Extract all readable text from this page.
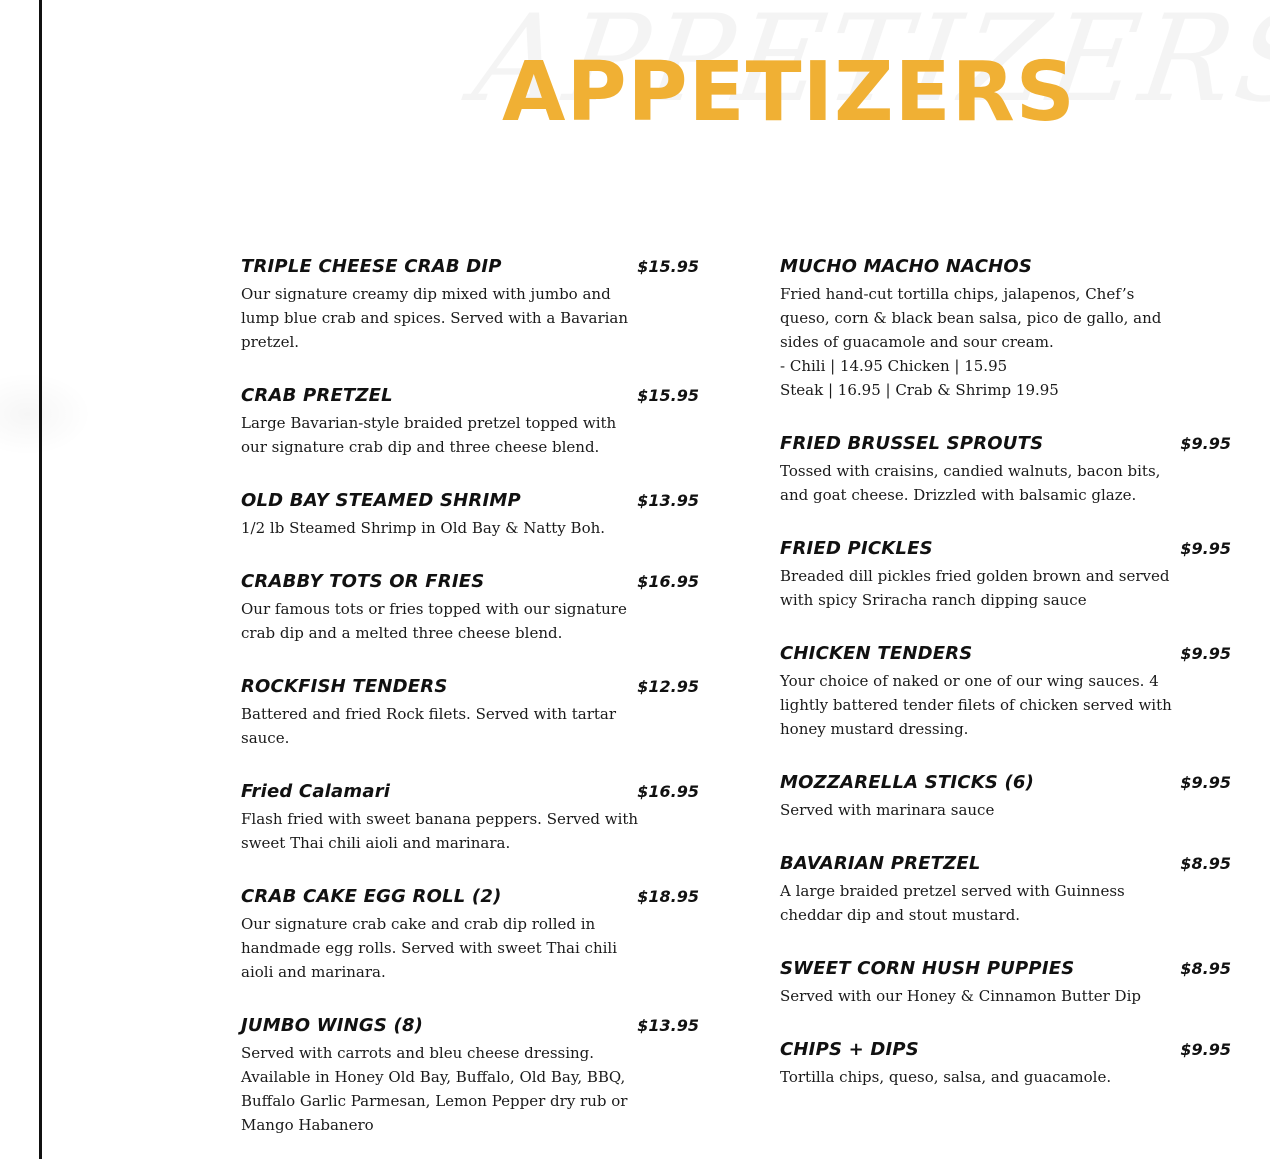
APPETIZERS
TRIPLE CHEESE CRAB DIP	$15.95

Our signature creamy dip mixed with jumbo and lump blue crab and spices. Served with a Bavarian pretzel.

CRAB PRETZEL	$15.95

Large Bavarian-style braided pretzel topped with our signature crab dip and three cheese blend.

OLD BAY STEAMED SHRIMP	$13.95

1/2 lb Steamed Shrimp in Old Bay & Natty Boh.

CRABBY TOTS OR FRIES	$16.95

Our famous tots or fries topped with our signature crab dip and a melted three cheese blend.

ROCKFISH TENDERS	$12.95

Battered and fried Rock filets. Served with tartar sauce.

Fried Calamari	$16.95

Flash fried with sweet banana peppers. Served with sweet Thai chili aioli and marinara.

CRAB CAKE EGG ROLL (2)	$18.95

Our signature crab cake and crab dip rolled in handmade egg rolls. Served with sweet Thai chili aioli and marinara.

JUMBO WINGS (8)	$13.95

Served with carrots and bleu cheese dressing. Available in Honey Old Bay, Buffalo, Old Bay, BBQ, Buffalo Garlic Parmesan, Lemon Pepper dry rub or Mango Habanero

MUCHO MACHO NACHOS

Fried hand-cut tortilla chips, jalapenos, Chef’s queso, corn & black bean salsa, pico de gallo, and sides of guacamole and sour cream.
- Chili | 14.95 Chicken | 15.95
Steak | 16.95 | Crab & Shrimp 19.95

FRIED BRUSSEL SPROUTS	$9.95

Tossed with craisins, candied walnuts, bacon bits, and goat cheese. Drizzled with balsamic glaze.

FRIED PICKLES	$9.95

Breaded dill pickles fried golden brown and served with spicy Sriracha ranch dipping sauce

CHICKEN TENDERS	$9.95

Your choice of naked or one of our wing sauces. 4 lightly battered tender filets of chicken served with honey mustard dressing.

MOZZARELLA STICKS (6)	$9.95

Served with marinara sauce

BAVARIAN PRETZEL	$8.95

A large braided pretzel served with Guinness cheddar dip and stout mustard.

SWEET CORN HUSH PUPPIES	$8.95

Served with our Honey & Cinnamon Butter Dip

CHIPS + DIPS	$9.95

Tortilla chips, queso, salsa, and guacamole.
